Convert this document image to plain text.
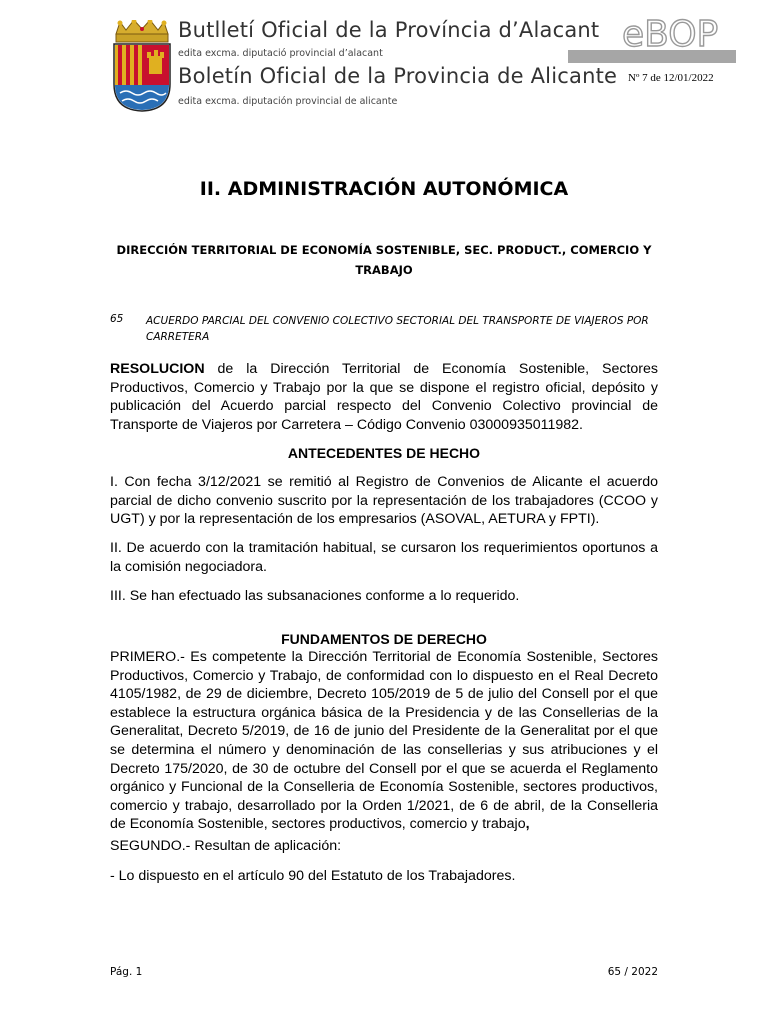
Butlletí Oficial de la Província d’Alacant
edita excma. diputació provincial d’alacant
Boletín Oficial de la Provincia de Alicante
edita excma. diputación provincial de alicante
eBOP
Nº 7 de 12/01/2022
II. ADMINISTRACIÓN AUTONÓMICA
DIRECCIÓN TERRITORIAL DE ECONOMÍA SOSTENIBLE, SEC. PRODUCT., COMERCIO Y TRABAJO
65 ACUERDO PARCIAL DEL CONVENIO COLECTIVO SECTORIAL DEL TRANSPORTE DE VIAJEROS POR CARRETERA
RESOLUCION de la Dirección Territorial de Economía Sostenible, Sectores Productivos, Comercio y Trabajo por la que se dispone el registro oficial, depósito y publicación del Acuerdo parcial respecto del Convenio Colectivo provincial de Transporte de Viajeros por Carretera – Código Convenio 03000935011982.
ANTECEDENTES DE HECHO
I. Con fecha 3/12/2021 se remitió al Registro de Convenios de Alicante el acuerdo parcial de dicho convenio suscrito por la representación de los trabajadores (CCOO y UGT) y por la representación de los empresarios (ASOVAL, AETURA y FPTI).
II. De acuerdo con la tramitación habitual, se cursaron los requerimientos oportunos a la comisión negociadora.
III. Se han efectuado las subsanaciones conforme a lo requerido.
FUNDAMENTOS DE DERECHO
PRIMERO.- Es competente la Dirección Territorial de Economía Sostenible, Sectores Productivos, Comercio y Trabajo, de conformidad con lo dispuesto en el Real Decreto 4105/1982, de 29 de diciembre, Decreto 105/2019 de 5 de julio del Consell por el que establece la estructura orgánica básica de la Presidencia y de las Consellerias de la Generalitat, Decreto 5/2019, de 16 de junio del Presidente de la Generalitat por el que se determina el número y denominación de las consellerias y sus atribuciones y el Decreto 175/2020, de 30 de octubre del Consell por el que se acuerda el Reglamento orgánico y Funcional de la Conselleria de Economía Sostenible, sectores productivos, comercio y trabajo, desarrollado por la Orden 1/2021, de 6 de abril, de la Conselleria de Economía Sostenible, sectores productivos, comercio y trabajo,
SEGUNDO.- Resultan de aplicación:
- Lo dispuesto en el artículo 90 del Estatuto de los Trabajadores.
Pág. 1	65 / 2022
